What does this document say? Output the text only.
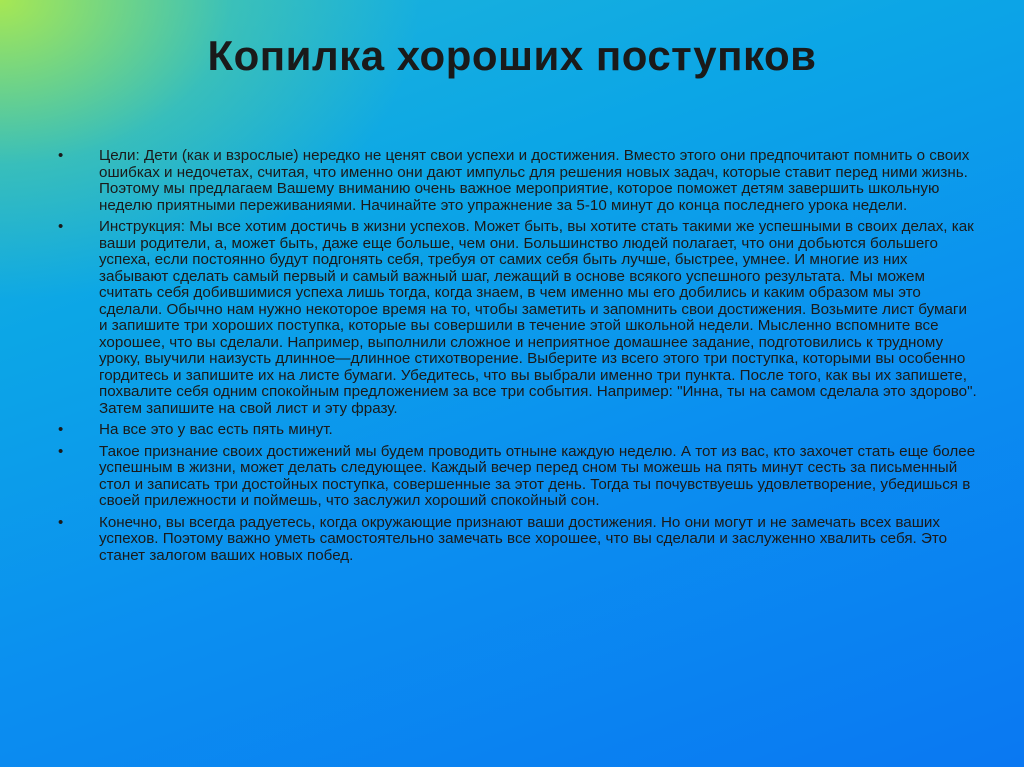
Копилка хороших поступков
• Цели: Дети (как и взрослые) нередко не ценят свои успехи и достижения. Вместо этого они предпочитают помнить о своих ошибках и недочетах, считая, что именно они дают импульс для решения новых задач, которые ставит перед ними жизнь. Поэтому мы предлагаем Вашему вниманию очень важное мероприятие, которое поможет детям завершить школьную неделю приятными переживаниями. Начинайте это упражнение за 5-10 минут до конца последнего урока недели.
• Инструкция: Мы все хотим достичь в жизни успехов. Может быть, вы хотите стать такими же успешными в своих делах, как ваши родители, а, может быть, даже еще больше, чем они. Большинство людей полагает, что они добьются большего успеха, если постоянно будут подгонять себя, требуя от самих себя быть лучше, быстрее, умнее. И многие из них забывают сделать самый первый и самый важный шаг, лежащий в основе всякого успешного результата. Мы можем считать себя добившимися успеха лишь тогда, когда знаем, в чем именно мы его добились и каким образом мы это сделали. Обычно нам нужно некоторое время на то, чтобы заметить и запомнить свои достижения. Возьмите лист бумаги и запишите три хороших поступка, которые вы совершили в течение этой школьной недели. Мысленно вспомните все хорошее, что вы сделали. Например, выполнили сложное и неприятное домашнее задание, подготовились к трудному уроку, выучили наизусть длинное—длинное стихотворение. Выберите из всего этого три поступка, которыми вы особенно гордитесь и запишите их на листе бумаги. Убедитесь, что вы выбрали именно три пункта. После того, как вы их запишете, похвалите себя одним спокойным предложением за все три события. Например: "Инна, ты на самом сделала это здорово". Затем запишите на свой лист и эту фразу.
• На все это у вас есть пять минут.
• Такое признание своих достижений мы будем проводить отныне каждую неделю. А тот из вас, кто захочет стать еще более успешным в жизни, может делать следующее. Каждый вечер перед сном ты можешь на пять минут сесть за письменный стол и записать три достойных поступка, совершенные за этот день. Тогда ты почувствуешь удовлетворение, убедишься в своей прилежности и поймешь, что заслужил хороший спокойный сон.
• Конечно, вы всегда радуетесь, когда окружающие признают ваши достижения. Но они могут и не замечать всех ваших успехов. Поэтому важно уметь самостоятельно замечать все хорошее, что вы сделали и заслуженно хвалить себя. Это станет залогом ваших новых побед.
